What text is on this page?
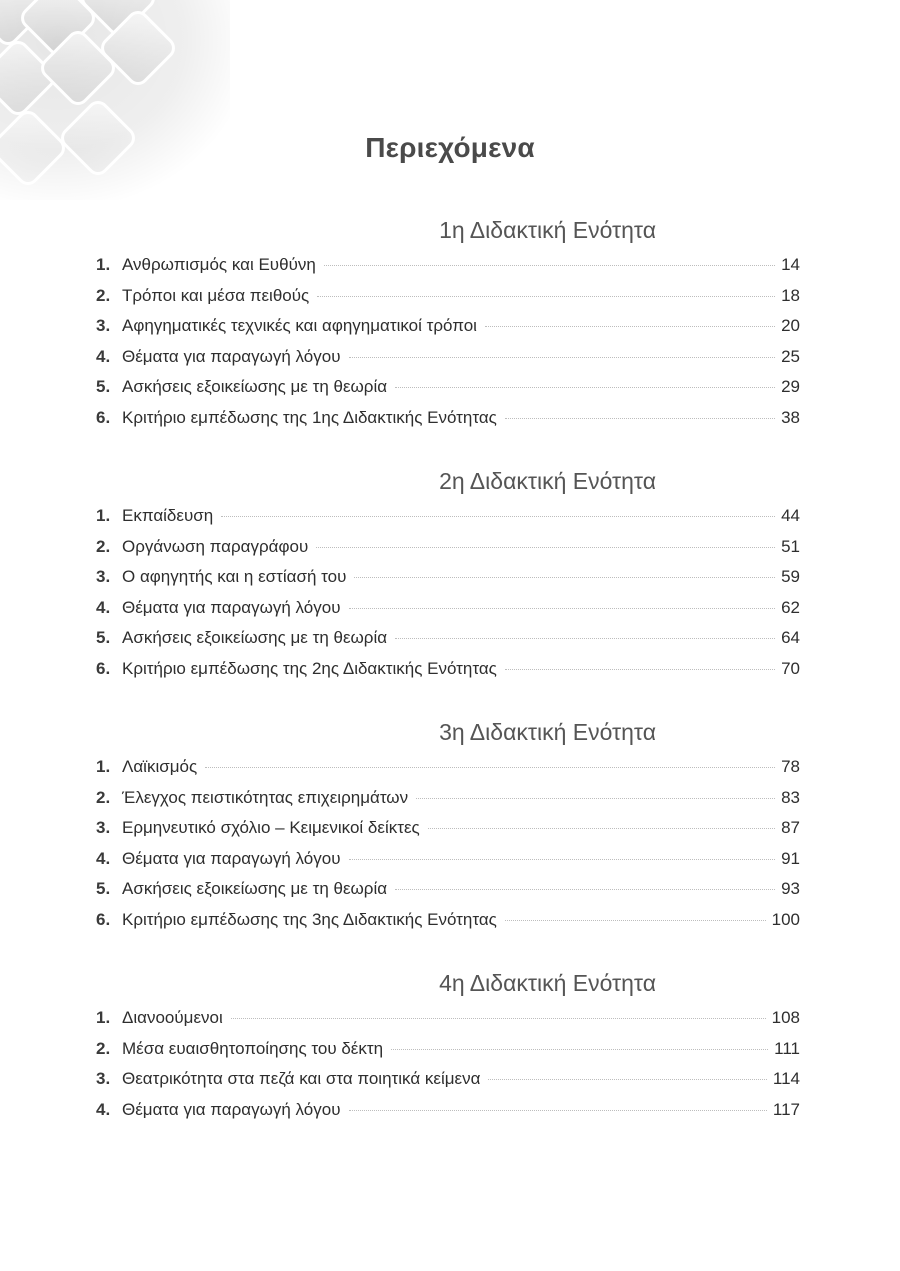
Περιεχόμενα
1η Διδακτική Ενότητα
1. Ανθρωπισμός και Ευθύνη	14
2. Τρόποι και μέσα πειθούς	18
3. Αφηγηματικές τεχνικές και αφηγηματικοί τρόποι	20
4. Θέματα για παραγωγή λόγου	25
5. Ασκήσεις εξοικείωσης με τη θεωρία	29
6. Κριτήριο εμπέδωσης της 1ης Διδακτικής Ενότητας	38
2η Διδακτική Ενότητα
1. Εκπαίδευση	44
2. Οργάνωση παραγράφου	51
3. Ο αφηγητής και η εστίασή του	59
4. Θέματα για παραγωγή λόγου	62
5. Ασκήσεις εξοικείωσης με τη θεωρία	64
6. Κριτήριο εμπέδωσης της 2ης Διδακτικής Ενότητας	70
3η Διδακτική Ενότητα
1. Λαϊκισμός	78
2. Έλεγχος πειστικότητας επιχειρημάτων	83
3. Ερμηνευτικό σχόλιο – Κειμενικοί δείκτες	87
4. Θέματα για παραγωγή λόγου	91
5. Ασκήσεις εξοικείωσης με τη θεωρία	93
6. Κριτήριο εμπέδωσης της 3ης Διδακτικής Ενότητας	100
4η Διδακτική Ενότητα
1. Διανοούμενοι	108
2. Μέσα ευαισθητοποίησης του δέκτη	111
3. Θεατρικότητα στα πεζά και στα ποιητικά κείμενα	114
4. Θέματα για παραγωγή λόγου	117
